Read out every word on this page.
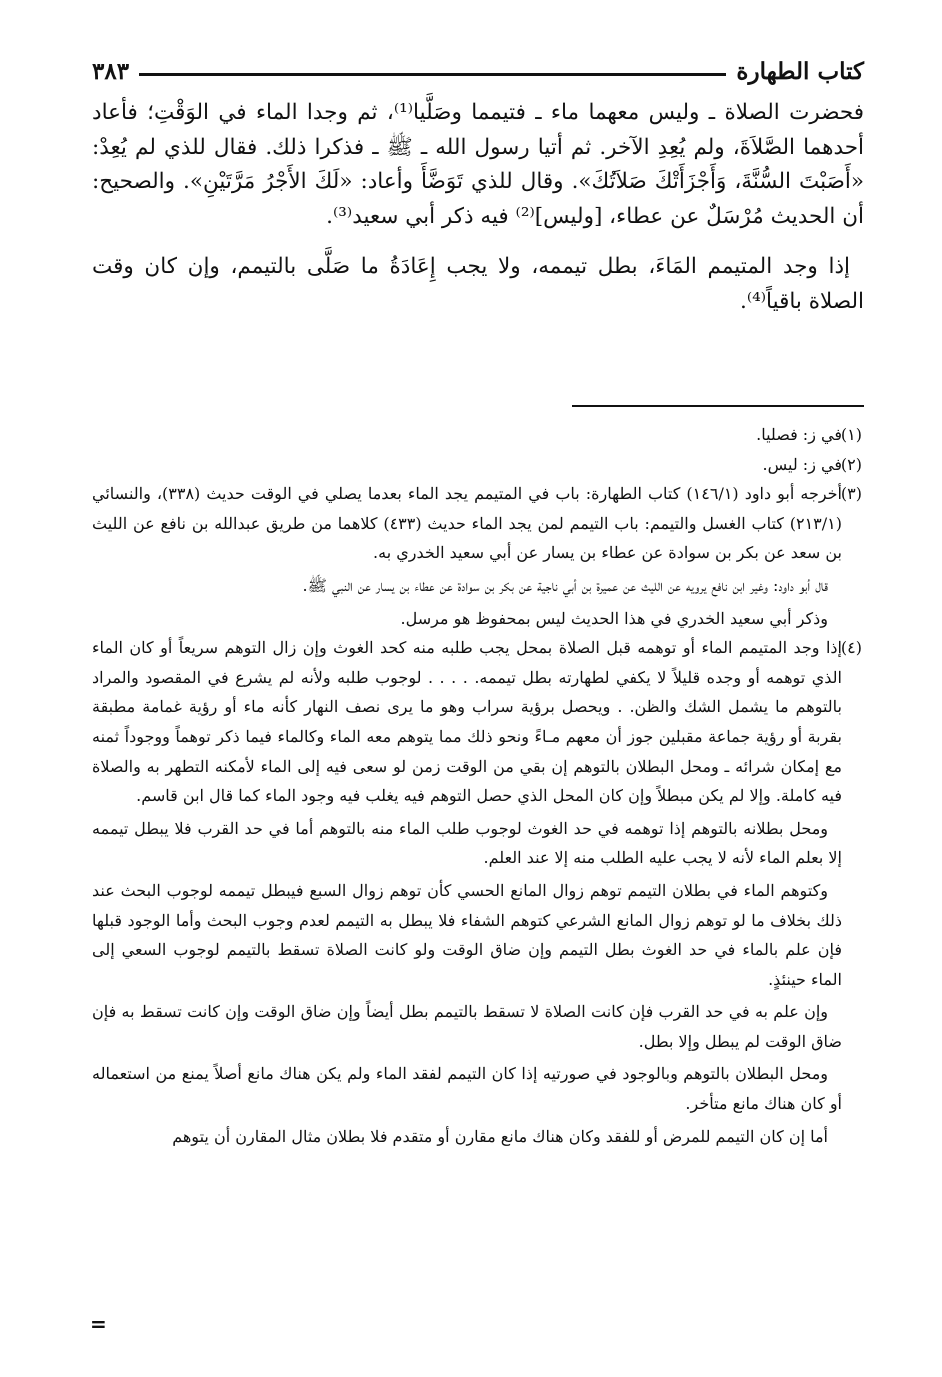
كتاب الطهارة
٣٨٣

فحضرت الصلاة ـ وليس معهما ماء ـ فتيمما وصَلَّيا⁽¹⁾، ثم وجدا الماء في الوَقْتِ؛ فأعاد أحدهما الصَّلاَةَ، ولم يُعِدِ الآخر. ثم أتيا رسول الله ـ ﷺ ـ فذكرا ذلك. فقال للذي لم يُعِدْ: «أَصَبْتَ السُّنَّةَ، وَأَجْزَأَتْكَ صَلاَتُكَ». وقال للذي تَوَضَّأَ وأعاد: «لَكَ الأَجْرُ مَرَّتَيْنِ». والصحيح: أن الحديث مُرْسَلٌ عن عطاء، [وليس]⁽²⁾ فيه ذكر أبي سعيد⁽³⁾.

إذا وجد المتيمم المَاءَ، بطل تيممه، ولا يجب إِعَادَةُ ما صَلَّى بالتيمم، وإن كان وقت الصلاة باقياً⁽⁴⁾.

(١)في ز: فصليا.

(٢)في ز: ليس.

(٣)أخرجه أبو داود (١٤٦/١) كتاب الطهارة: باب في المتيمم يجد الماء بعدما يصلي في الوقت حديث (٣٣٨)، والنسائي (٢١٣/١) كتاب الغسل والتيمم: باب التيمم لمن يجد الماء حديث (٤٣٣) كلاهما من طريق عبدالله بن نافع عن الليث بن سعد عن بكر بن سوادة عن عطاء بن يسار عن أبي سعيد الخدري به.

قال أبو داود: وغير ابن نافع يرويه عن الليث عن عميرة بن أبي ناجية عن بكر بن سوادة عن عطاء بن يسار عن النبي ﷺ.

وذكر أبي سعيد الخدري في هذا الحديث ليس بمحفوظ هو مرسل.

(٤)إذا وجد المتيمم الماء أو توهمه قبل الصلاة بمحل يجب طلبه منه كحد الغوث وإن زال التوهم سريعاً أو كان الماء الذي توهمه أو وجده قليلاً لا يكفي لطهارته بطل تيممه. . . . . لوجوب طلبه ولأنه لم يشرع في المقصود والمراد بالتوهم ما يشمل الشك والظن. . ويحصل برؤية سراب وهو ما يرى نصف النهار كأنه ماء أو رؤية غمامة مطبقة بقربة أو رؤية جماعة مقبلين جوز أن معهم مـاءً ونحو ذلك مما يتوهم معه الماء وكالماء فيما ذكر توهماً ووجوداً ثمنه مع إمكان شرائه ـ ومحل البطلان بالتوهم إن بقي من الوقت زمن لو سعى فيه إلى الماء لأمكنه التطهر به والصلاة فيه كاملة. وإلا لم يكن مبطلاً وإن كان المحل الذي حصل التوهم فيه يغلب فيه وجود الماء كما قال ابن قاسم.

ومحل بطلانه بالتوهم إذا توهمه في حد الغوث لوجوب طلب الماء منه بالتوهم أما في حد القرب فلا يبطل تيممه إلا بعلم الماء لأنه لا يجب عليه الطلب منه إلا عند العلم.

وكتوهم الماء في بطلان التيمم توهم زوال المانع الحسي كأن توهم زوال السبع فيبطل تيممه لوجوب البحث عند ذلك بخلاف ما لو توهم زوال المانع الشرعي كتوهم الشفاء فلا يبطل به التيمم لعدم وجوب البحث وأما الوجود قبلها فإن علم بالماء في حد الغوث بطل التيمم وإن ضاق الوقت ولو كانت الصلاة تسقط بالتيمم لوجوب السعي إلى الماء حينئذٍ.

وإن علم به في حد القرب فإن كانت الصلاة لا تسقط بالتيمم بطل أيضاً وإن ضاق الوقت وإن كانت تسقط به فإن ضاق الوقت لم يبطل وإلا بطل.

ومحل البطلان بالتوهم وبالوجود في صورتيه إذا كان التيمم لفقد الماء ولم يكن هناك مانع أصلاً يمنع من استعماله أو كان هناك مانع متأخر.

أما إن كان التيمم للمرض أو للفقد وكان هناك مانع مقارن أو متقدم فلا بطلان مثال المقارن أن يتوهم

=
